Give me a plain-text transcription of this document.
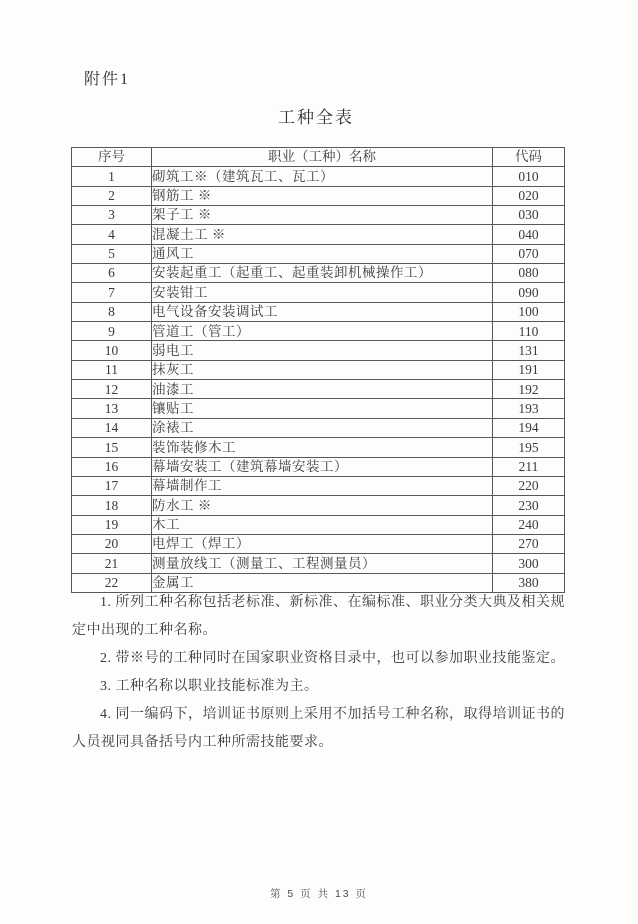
附件1
工种全表
序号	职业（工种）名称	代码
1	砌筑工※（建筑瓦工、瓦工）	010
2	钢筋工 ※	020
3	架子工 ※	030
4	混凝土工 ※	040
5	通风工	070
6	安装起重工（起重工、起重装卸机械操作工）	080
7	安装钳工	090
8	电气设备安装调试工	100
9	管道工（管工）	110
10	弱电工	131
11	抹灰工	191
12	油漆工	192
13	镶贴工	193
14	涂裱工	194
15	装饰装修木工	195
16	幕墙安装工（建筑幕墙安装工）	211
17	幕墙制作工	220
18	防水工 ※	230
19	木工	240
20	电焊工（焊工）	270
21	测量放线工（测量工、工程测量员）	300
22	金属工	380

1. 所列工种名称包括老标准、新标准、在编标准、职业分类大典及相关规定中出现的工种名称。

2. 带※号的工种同时在国家职业资格目录中，也可以参加职业技能鉴定。

3. 工种名称以职业技能标准为主。

4. 同一编码下，培训证书原则上采用不加括号工种名称，取得培训证书的人员视同具备括号内工种所需技能要求。

第 5 页 共 13 页
